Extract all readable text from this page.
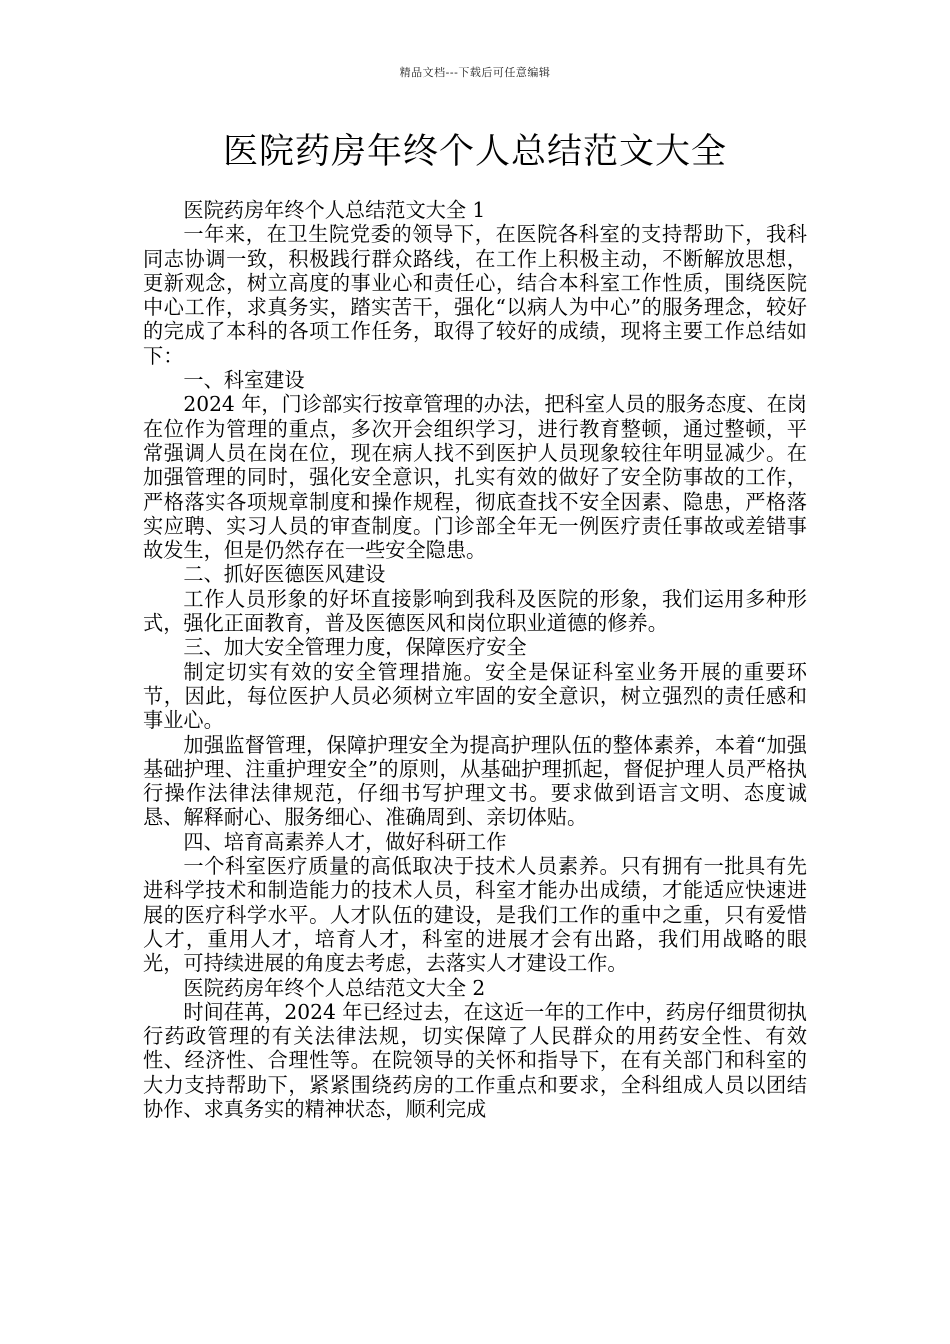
精品文档---下载后可任意编辑
医院药房年终个人总结范文大全

医院药房年终个人总结范文大全 1

一年来，在卫生院党委的领导下，在医院各科室的支持帮助下，我科同志协调一致，积极践行群众路线，在工作上积极主动，不断解放思想，更新观念，树立高度的事业心和责任心，结合本科室工作性质，围绕医院中心工作，求真务实，踏实苦干，强化“以病人为中心”的服务理念，较好的完成了本科的各项工作任务，取得了较好的成绩，现将主要工作总结如下：

一、科室建设

2024 年，门诊部实行按章管理的办法，把科室人员的服务态度、在岗在位作为管理的重点，多次开会组织学习，进行教育整顿，通过整顿，平常强调人员在岗在位，现在病人找不到医护人员现象较往年明显减少。在加强管理的同时，强化安全意识，扎实有效的做好了安全防事故的工作，严格落实各项规章制度和操作规程，彻底查找不安全因素、隐患，严格落实应聘、实习人员的审查制度。门诊部全年无一例医疗责任事故或差错事故发生，但是仍然存在一些安全隐患。

二、抓好医德医风建设

工作人员形象的好坏直接影响到我科及医院的形象，我们运用多种形式，强化正面教育，普及医德医风和岗位职业道德的修养。

三、加大安全管理力度，保障医疗安全

制定切实有效的安全管理措施。安全是保证科室业务开展的重要环节，因此，每位医护人员必须树立牢固的安全意识，树立强烈的责任感和事业心。

加强监督管理，保障护理安全为提高护理队伍的整体素养，本着“加强基础护理、注重护理安全”的原则，从基础护理抓起，督促护理人员严格执行操作法律法律规范，仔细书写护理文书。要求做到语言文明、态度诚恳、解释耐心、服务细心、准确周到、亲切体贴。

四、培育高素养人才，做好科研工作

一个科室医疗质量的高低取决于技术人员素养。只有拥有一批具有先进科学技术和制造能力的技术人员，科室才能办出成绩，才能适应快速进展的医疗科学水平。人才队伍的建设，是我们工作的重中之重，只有爱惜人才，重用人才，培育人才，科室的进展才会有出路，我们用战略的眼光，可持续进展的角度去考虑，去落实人才建设工作。

医院药房年终个人总结范文大全 2

时间荏苒，2024 年已经过去，在这近一年的工作中，药房仔细贯彻执行药政管理的有关法律法规，切实保障了人民群众的用药安全性、有效性、经济性、合理性等。在院领导的关怀和指导下，在有关部门和科室的大力支持帮助下，紧紧围绕药房的工作重点和要求，全科组成人员以团结协作、求真务实的精神状态，顺利完成
